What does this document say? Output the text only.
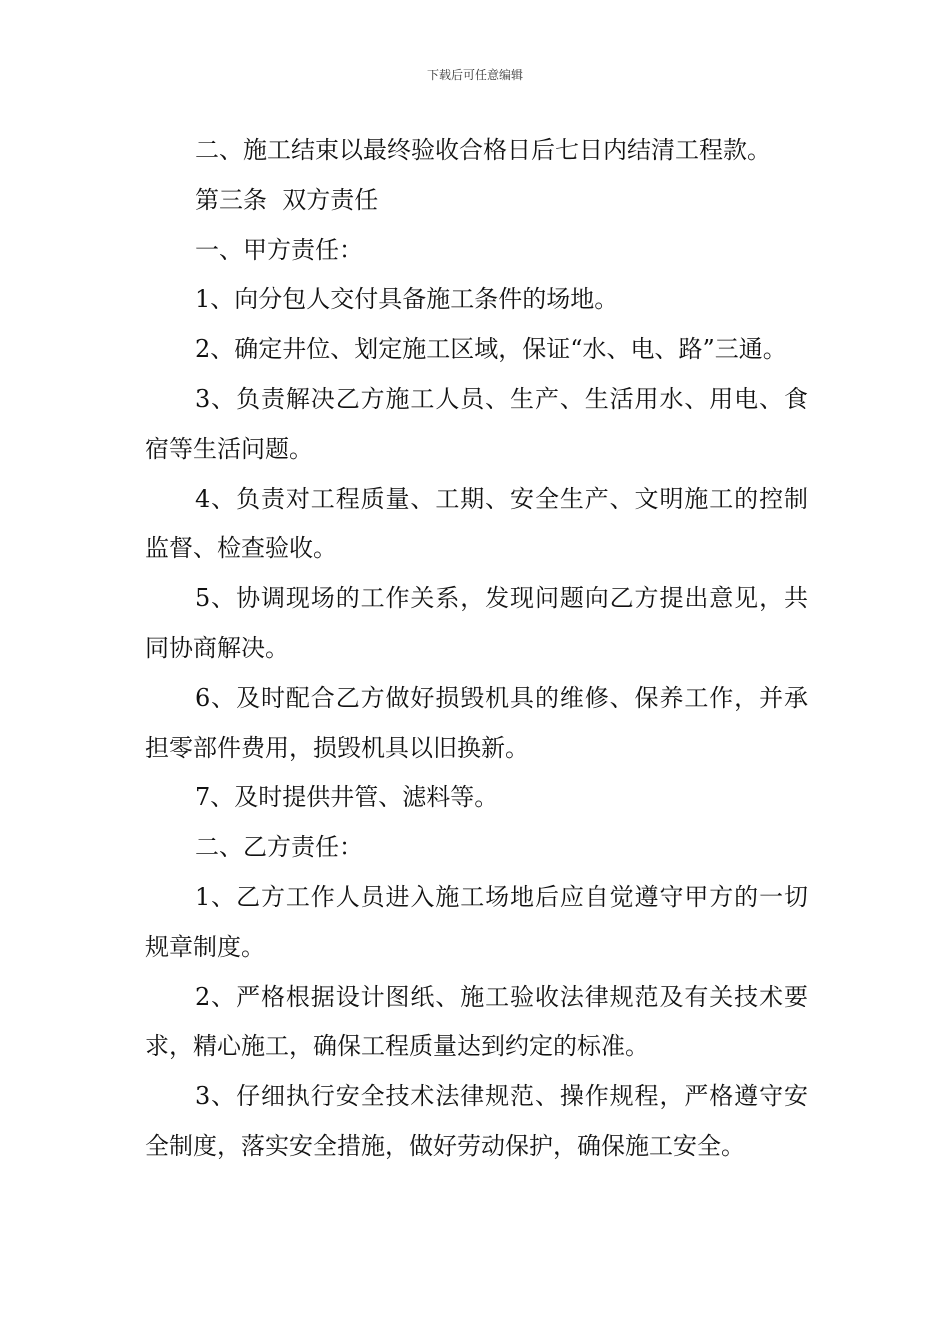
下载后可任意编辑

二、施工结束以最终验收合格日后七日内结清工程款。

第三条  双方责任

一、甲方责任：

1、向分包人交付具备施工条件的场地。

2、确定井位、划定施工区域，保证“水、电、路”三通。

3、负责解决乙方施工人员、生产、生活用水、用电、食宿等生活问题。

4、负责对工程质量、工期、安全生产、文明施工的控制监督、检查验收。

5、协调现场的工作关系，发现问题向乙方提出意见，共同协商解决。

6、及时配合乙方做好损毁机具的维修、保养工作，并承担零部件费用，损毁机具以旧换新。

7、及时提供井管、滤料等。

二、乙方责任：

1、乙方工作人员进入施工场地后应自觉遵守甲方的一切规章制度。

2、严格根据设计图纸、施工验收法律规范及有关技术要求，精心施工，确保工程质量达到约定的标准。

3、仔细执行安全技术法律规范、操作规程，严格遵守安全制度，落实安全措施，做好劳动保护，确保施工安全。
